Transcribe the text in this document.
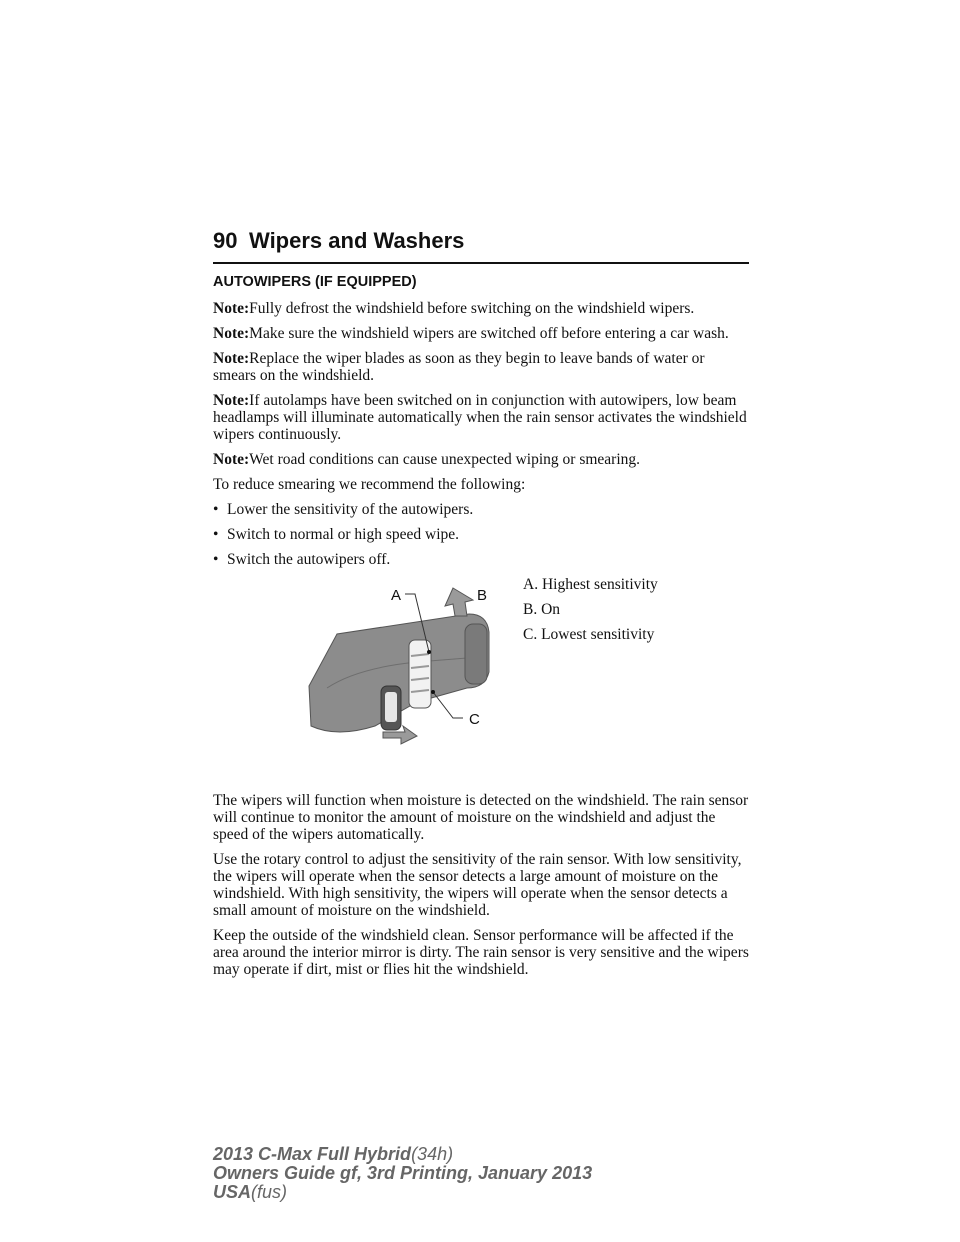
90 Wipers and Washers
AUTOWIPERS (IF EQUIPPED)
Note:Fully defrost the windshield before switching on the windshield wipers.
Note:Make sure the windshield wipers are switched off before entering a car wash.
Note:Replace the wiper blades as soon as they begin to leave bands of water or smears on the windshield.
Note:If autolamps have been switched on in conjunction with autowipers, low beam headlamps will illuminate automatically when the rain sensor activates the windshield wipers continuously.
Note:Wet road conditions can cause unexpected wiping or smearing.
To reduce smearing we recommend the following:
• Lower the sensitivity of the autowipers.
• Switch to normal or high speed wipe.
• Switch the autowipers off.
A	B
C
A. Highest sensitivity
B. On
C. Lowest sensitivity
The wipers will function when moisture is detected on the windshield. The rain sensor will continue to monitor the amount of moisture on the windshield and adjust the speed of the wipers automatically.
Use the rotary control to adjust the sensitivity of the rain sensor. With low sensitivity, the wipers will operate when the sensor detects a large amount of moisture on the windshield. With high sensitivity, the wipers will operate when the sensor detects a small amount of moisture on the windshield.
Keep the outside of the windshield clean. Sensor performance will be affected if the area around the interior mirror is dirty. The rain sensor is very sensitive and the wipers may operate if dirt, mist or flies hit the windshield.
2013 C-Max Full Hybrid(34h)
Owners Guide gf, 3rd Printing, January 2013
USA(fus)
